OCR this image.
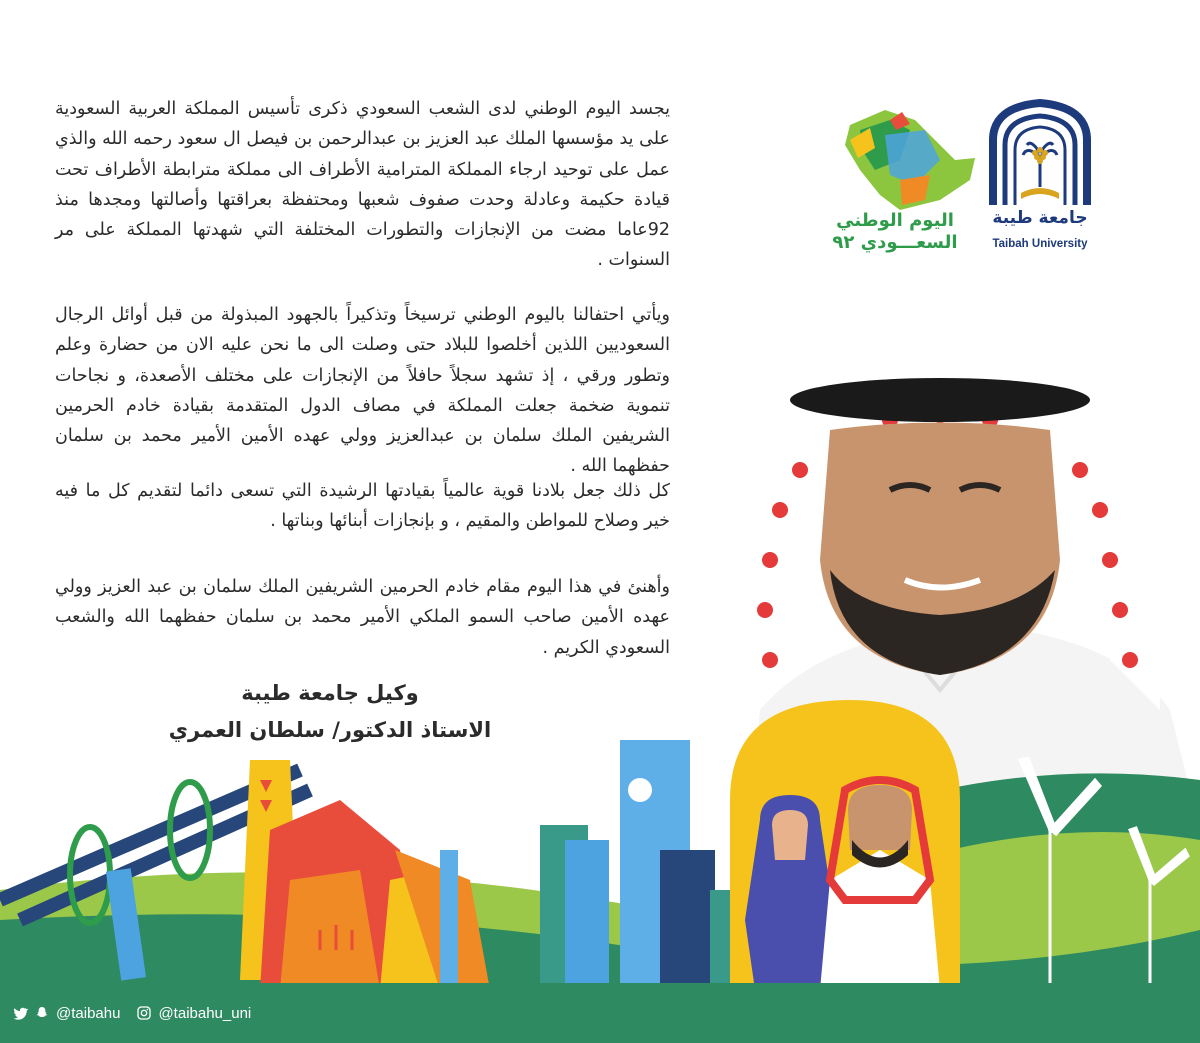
يجسد اليوم الوطني لدى الشعب السعودي ذكرى تأسيس المملكة العربية السعودية على يد مؤسسها الملك عبد العزيز بن عبدالرحمن بن فيصل ال سعود رحمه الله والذي عمل على توحيد ارجاء المملكة المترامية الأطراف الى مملكة مترابطة الأطراف تحت قيادة حكيمة وعادلة وحدت صفوف شعبها ومحتفظة بعراقتها وأصالتها ومجدها منذ 92عاما مضت من الإنجازات والتطورات المختلفة التي شهدتها المملكة على مر السنوات .

ويأتي احتفالنا باليوم الوطني ترسيخاً وتذكيراً بالجهود المبذولة من قبل أوائل الرجال السعوديين اللذين أخلصوا للبلاد حتى وصلت الى ما نحن عليه الان من حضارة وعلم وتطور ورقي ، إذ تشهد سجلاً حافلاً من الإنجازات على مختلف الأصعدة، و نجاحات تنموية ضخمة جعلت المملكة في مصاف الدول المتقدمة بقيادة خادم الحرمين الشريفين الملك سلمان بن عبدالعزيز وولي عهده الأمين الأمير محمد بن سلمان حفظهما الله .

كل ذلك جعل بلادنا قوية عالمياً بقيادتها الرشيدة التي تسعى دائما لتقديم كل ما فيه خير وصلاح للمواطن والمقيم ، و بإنجازات أبنائها وبناتها .

وأهنئ في هذا اليوم مقام خادم الحرمين الشريفين الملك سلمان بن عبد العزيز وولي عهده الأمين صاحب السمو الملكي الأمير محمد بن سلمان حفظهما الله والشعب السعودي الكريم .

وكيل جامعة طيبة
الاستاذ الدكتور/ سلطان العمري
جامعة طيبة
Taibah University
اليوم الوطني
السعـــودي ٩٢
@taibahu	@taibahu_uni
